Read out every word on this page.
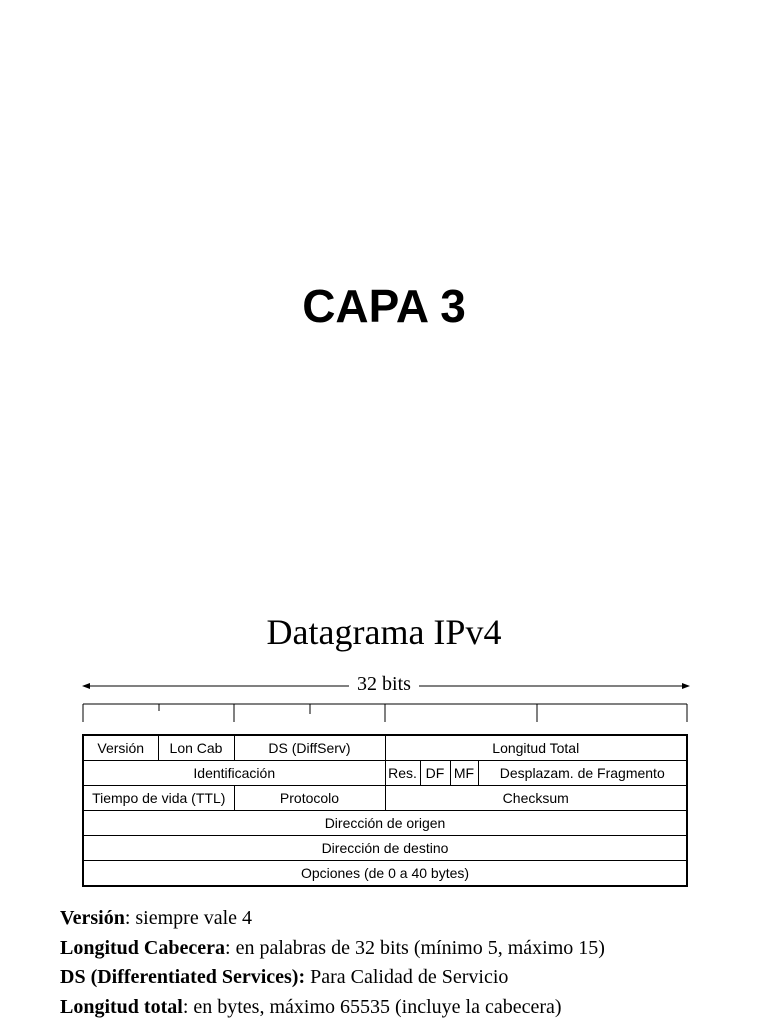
CAPA 3
Datagrama IPv4
32 bits
Versión	Lon Cab	DS (DiffServ)	Longitud Total			
Identificación			Res.	DF	MF	Desplazam. de Fragmento
Tiempo de vida (TTL)		Protocolo	Checksum			
Dirección de origen						
Dirección de destino						
Opciones (de 0 a 40 bytes)						

Versión: siempre vale 4

Longitud Cabecera: en palabras de 32 bits (mínimo 5, máximo 15)

DS (Differentiated Services): Para Calidad de Servicio

Longitud total: en bytes, máximo 65535 (incluye la cabecera)
